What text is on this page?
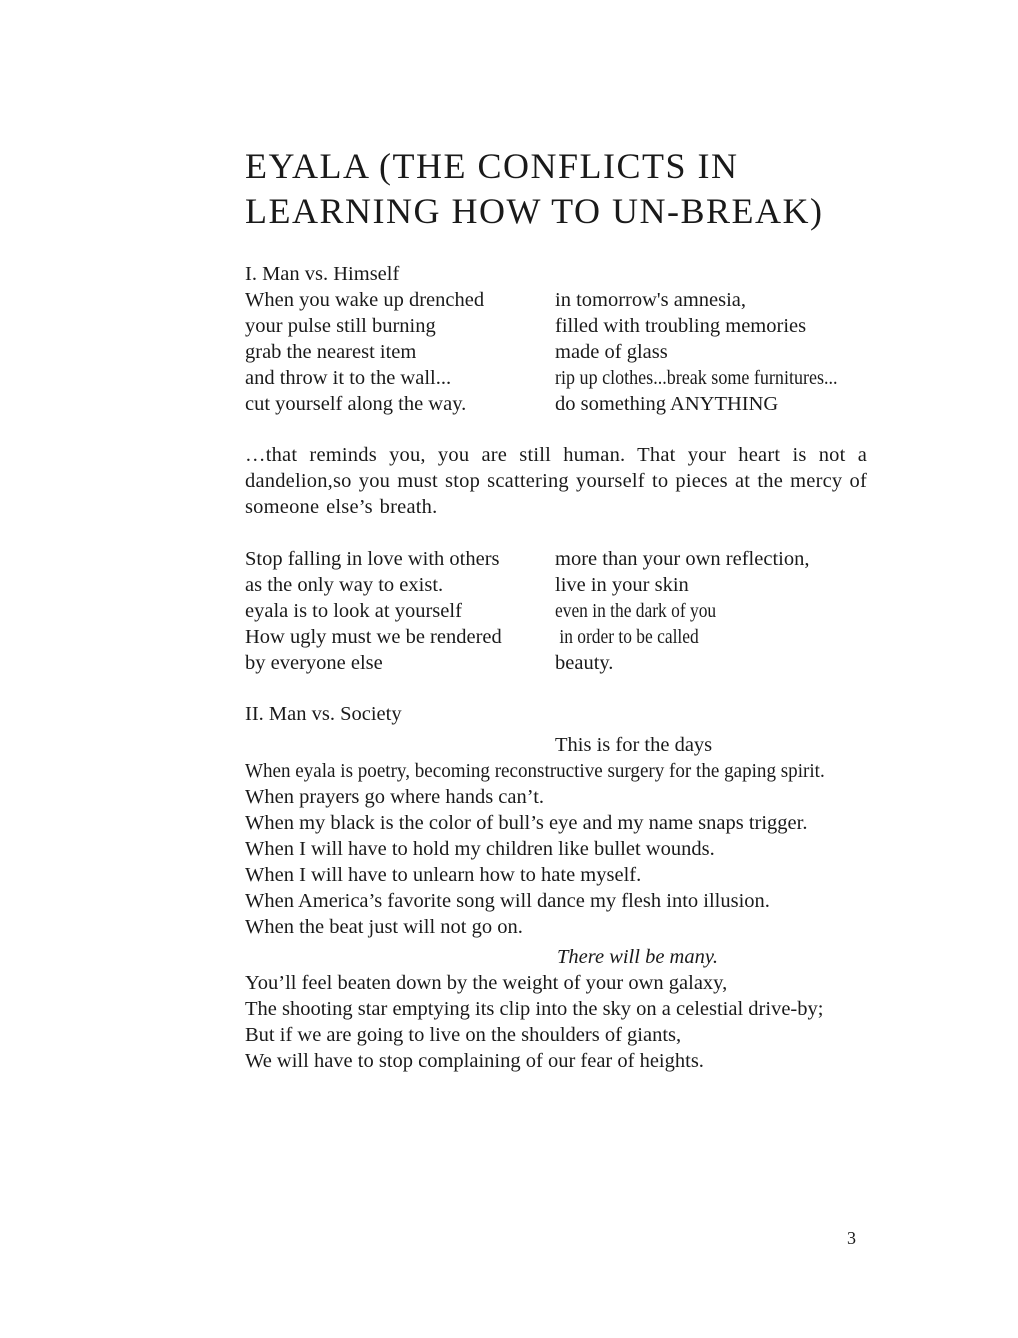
EYALA (THE CONFLICTS IN
LEARNING HOW TO UN-BREAK)
I. Man vs. Himself
When you wake up drenched	in tomorrow's amnesia,
your pulse still burning	filled with troubling memories
grab the nearest item	made of glass
and throw it to the wall...	rip up clothes...break some furnitures...
cut yourself along the way.	do something ANYTHING

…that reminds you, you are still human. That your heart is not a dandelion,so you must stop scattering yourself to pieces at the mercy of someone else’s breath.

Stop falling in love with others	more than your own reflection,
as the only way to exist.	live in your skin
eyala is to look at yourself	even in the dark of you
How ugly must we be rendered	in order to be called
by everyone else	beauty.
II. Man vs. Society
This is for the days
When eyala is poetry, becoming reconstructive surgery for the gaping spirit.
When prayers go where hands can’t.
When my black is the color of bull’s eye and my name snaps trigger.
When I will have to hold my children like bullet wounds.
When I will have to unlearn how to hate myself.
When America’s favorite song will dance my flesh into illusion.
When the beat just will not go on.
There will be many.
You’ll feel beaten down by the weight of your own galaxy,
The shooting star emptying its clip into the sky on a celestial drive-by;
But if we are going to live on the shoulders of giants,
We will have to stop complaining of our fear of heights.
3
